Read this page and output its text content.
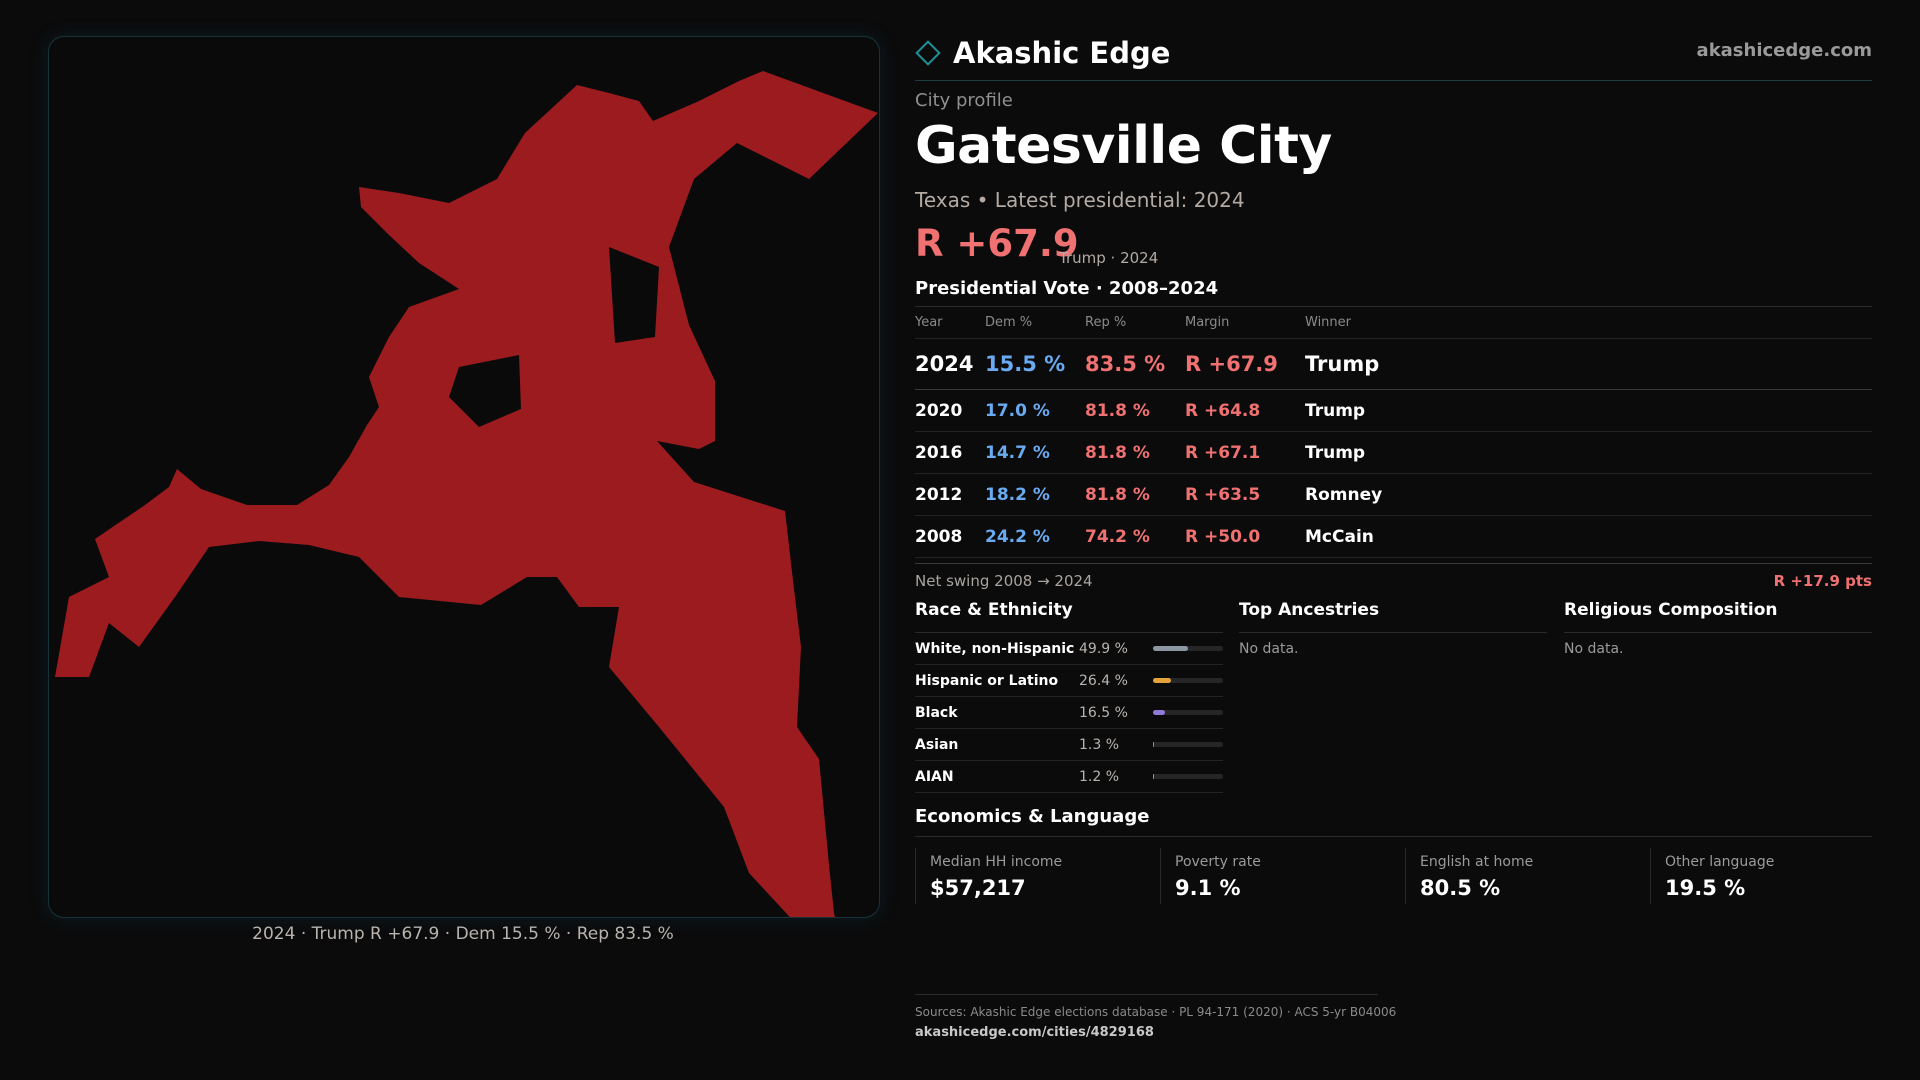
2024 · Trump R +67.9 · Dem 15.5 % · Rep 83.5 %
Akashic Edge	akashicedge.com
City profile
Gatesville City
Texas • Latest presidential: 2024
R +67.9
Trump · 2024
Presidential Vote · 2008–2024
Year	Dem %	Rep %	Margin	Winner
2024 15.5 % 83.5 % R +67.9 Trump
2020 17.0 % 81.8 % R +64.8	Trump
2016 14.7 % 81.8 % R +67.1	Trump
2012 18.2 % 81.8 % R +63.5	Romney
2008 24.2 % 74.2 % R +50.0	McCain
Net swing 2008 → 2024	R +17.9 pts
Race & Ethnicity
White, non-Hispanic 49.9 %
Hispanic or Latino 26.4 %
Black	16.5 %
Asian	1.3 %
AIAN	1.2 %
Top Ancestries
No data.
Religious Composition
No data.
Economics & Language
Median HH income
$57,217
Poverty rate
9.1 %
English at home
80.5 %
Other language
19.5 %
Sources: Akashic Edge elections database · PL 94-171 (2020) · ACS 5-yr B04006
akashicedge.com/cities/4829168
